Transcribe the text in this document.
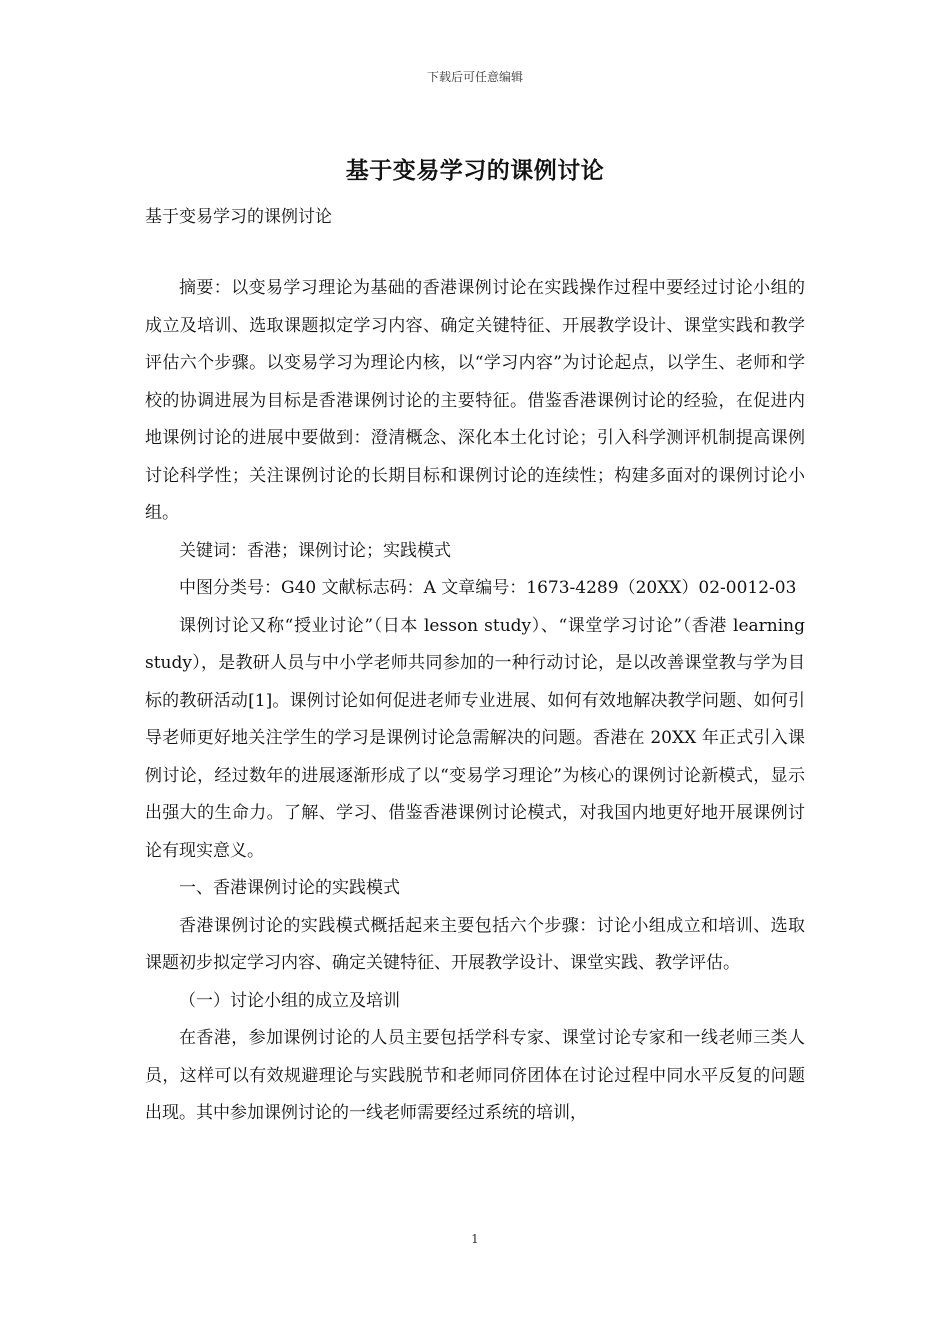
下载后可任意编辑
基于变易学习的课例讨论
基于变易学习的课例讨论

摘要：以变易学习理论为基础的香港课例讨论在实践操作过程中要经过讨论小组的成立及培训、选取课题拟定学习内容、确定关键特征、开展教学设计、课堂实践和教学评估六个步骤。以变易学习为理论内核，以“学习内容”为讨论起点，以学生、老师和学校的协调进展为目标是香港课例讨论的主要特征。借鉴香港课例讨论的经验，在促进内地课例讨论的进展中要做到：澄清概念、深化本土化讨论；引入科学测评机制提高课例讨论科学性；关注课例讨论的长期目标和课例讨论的连续性；构建多面对的课例讨论小组。

关键词：香港；课例讨论；实践模式

中图分类号：G40 文献标志码：A 文章编号：1673-4289（20XX）02-0012-03

课例讨论又称“授业讨论”（日本 lesson study）、“课堂学习讨论”（香港 learning study），是教研人员与中小学老师共同参加的一种行动讨论，是以改善课堂教与学为目标的教研活动[1]。课例讨论如何促进老师专业进展、如何有效地解决教学问题、如何引导老师更好地关注学生的学习是课例讨论急需解决的问题。香港在 20XX 年正式引入课例讨论，经过数年的进展逐渐形成了以“变易学习理论”为核心的课例讨论新模式，显示出强大的生命力。了解、学习、借鉴香港课例讨论模式，对我国内地更好地开展课例讨论有现实意义。

一、香港课例讨论的实践模式

香港课例讨论的实践模式概括起来主要包括六个步骤：讨论小组成立和培训、选取课题初步拟定学习内容、确定关键特征、开展教学设计、课堂实践、教学评估。

（一）讨论小组的成立及培训

在香港，参加课例讨论的人员主要包括学科专家、课堂讨论专家和一线老师三类人员，这样可以有效规避理论与实践脱节和老师同侪团体在讨论过程中同水平反复的问题出现。其中参加课例讨论的一线老师需要经过系统的培训，

1
